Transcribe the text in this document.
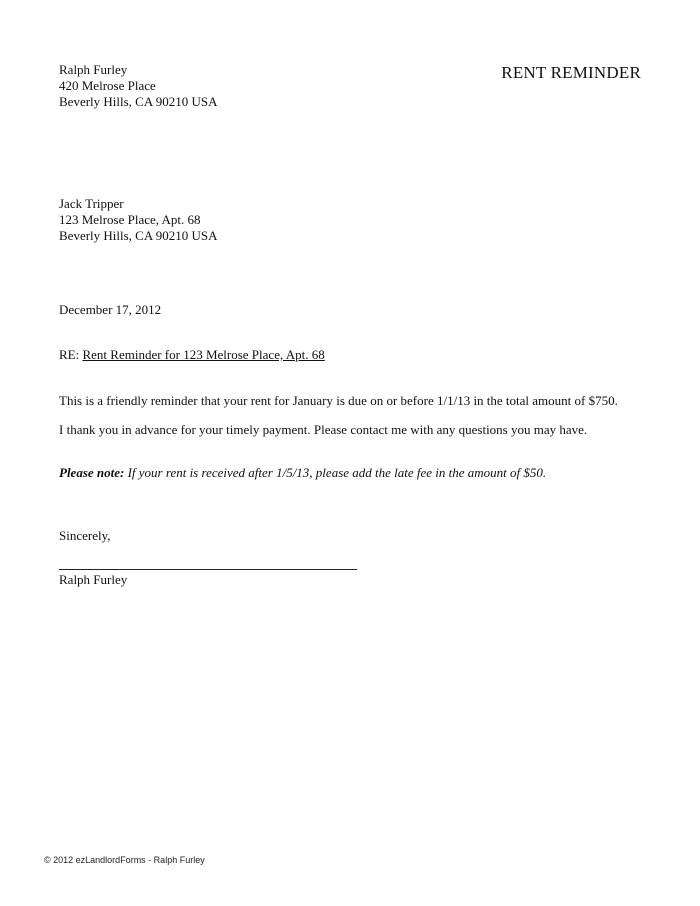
Ralph Furley
420 Melrose Place
Beverly Hills, CA 90210 USA
RENT REMINDER
Jack Tripper
123 Melrose Place, Apt. 68
Beverly Hills, CA 90210 USA
December 17, 2012
RE: Rent Reminder for 123 Melrose Place, Apt. 68
This is a friendly reminder that your rent for January is due on or before 1/1/13 in the total amount of $750.
I thank you in advance for your timely payment. Please contact me with any questions you may have.
Please note: If your rent is received after 1/5/13, please add the late fee in the amount of $50.
Sincerely,
Ralph Furley
© 2012 ezLandlordForms - Ralph Furley
